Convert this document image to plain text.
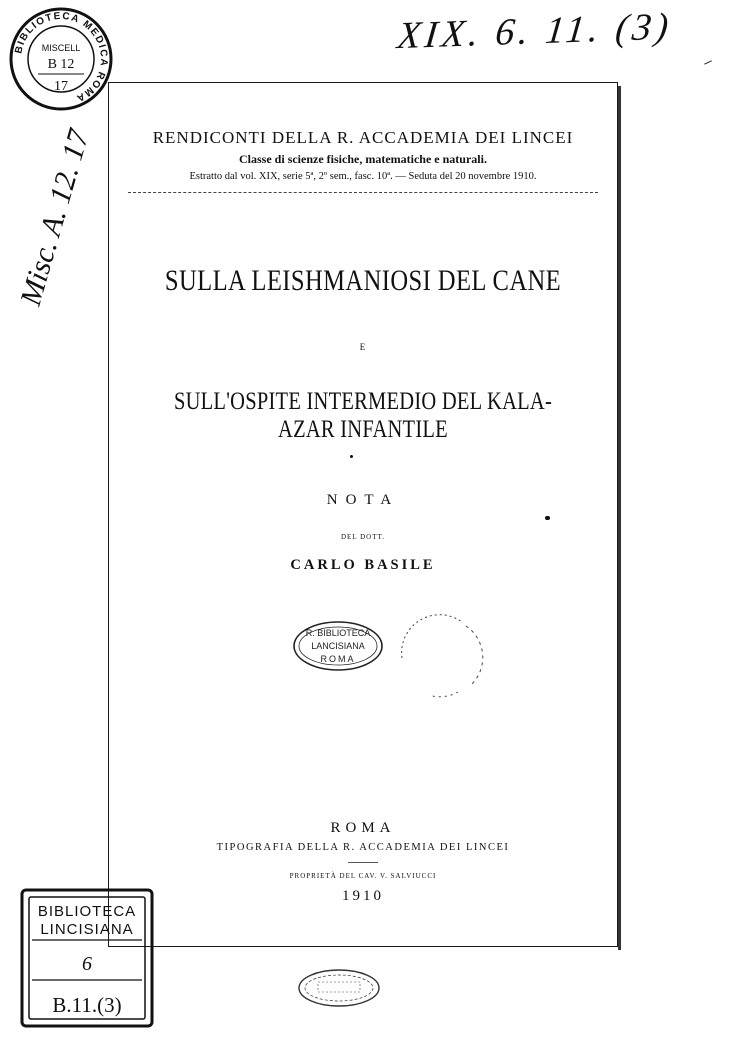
RENDICONTI DELLA R. ACCADEMIA DEI LINCEI
Classe di scienze fisiche, matematiche e naturali.
Estratto dal vol. XIX, serie 5ª, 2º sem., fasc. 10ª. — Seduta del 20 novembre 1910.
SULLA LEISHMANIOSI DEL CANE
E
SULL'OSPITE INTERMEDIO DEL KALA-AZAR INFANTILE
NOTA
DEL DOTT.
CARLO BASILE
R. BIBLIOTECA
LANCISIANA
ROMA
ROMA
TIPOGRAFIA DELLA R. ACCADEMIA DEI LINCEI
PROPRIETÀ DEL CAV. V. SALVIUCCI
1910
XIX. 6. 11. (3)
Misc. A. 12. 17
BIBLIOTECA MEDICA ROMA
MISCELL
B 12
17
BIBLIOTECA
LINCISIANA
6
B.11.(3)
